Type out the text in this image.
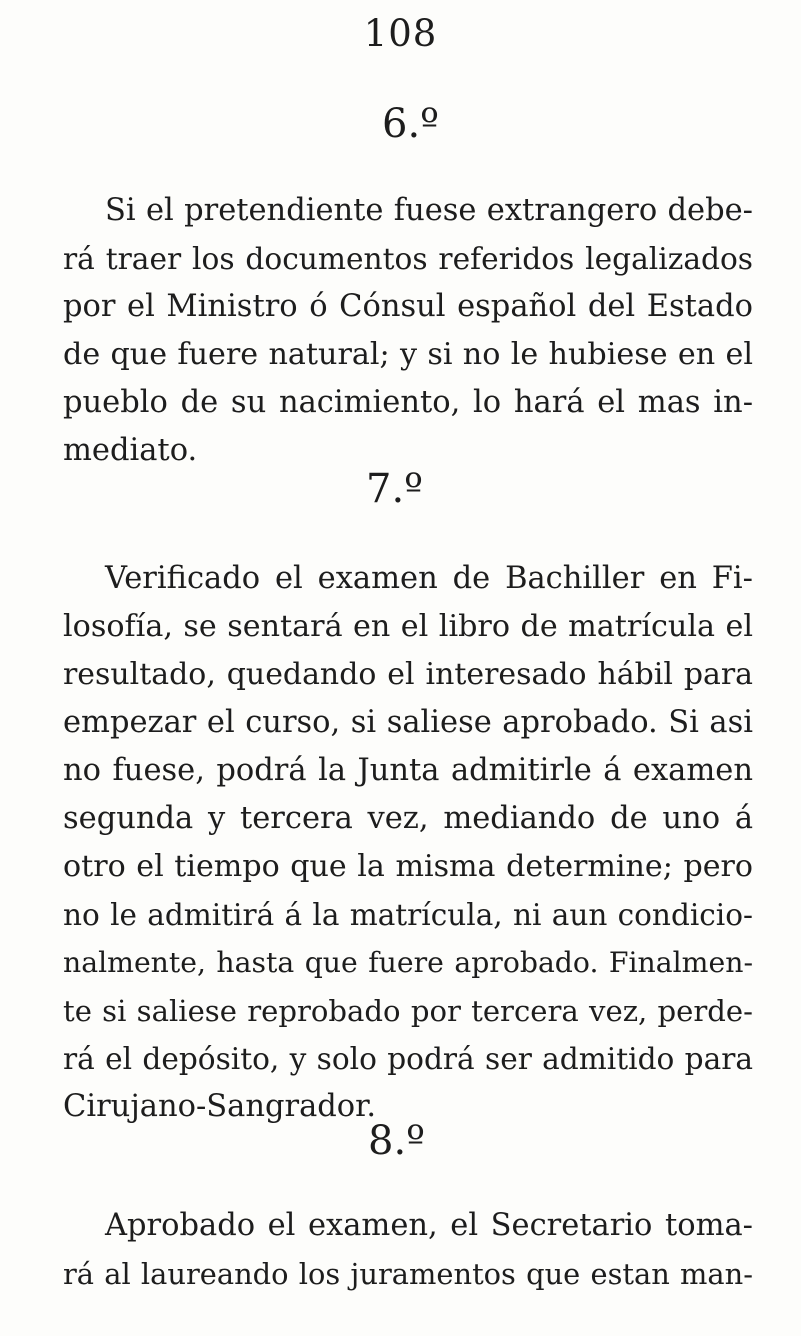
108
6.º
Si el pretendiente fuese extrangero debe-
rá traer los documentos referidos legalizados
por el Ministro ó Cónsul español del Estado
de que fuere natural; y si no le hubiese en el
pueblo de su nacimiento, lo hará el mas in-
mediato.
7.º
Verificado el examen de Bachiller en Fi-
losofía, se sentará en el libro de matrícula el
resultado, quedando el interesado hábil para
empezar el curso, si saliese aprobado. Si asi
no fuese, podrá la Junta admitirle á examen
segunda y tercera vez, mediando de uno á
otro el tiempo que la misma determine; pero
no le admitirá á la matrícula, ni aun condicio-
nalmente, hasta que fuere aprobado. Finalmen-
te si saliese reprobado por tercera vez, perde-
rá el depósito, y solo podrá ser admitido para
Cirujano-Sangrador.
8.º
Aprobado el examen, el Secretario toma-
rá al laureando los juramentos que estan man-
